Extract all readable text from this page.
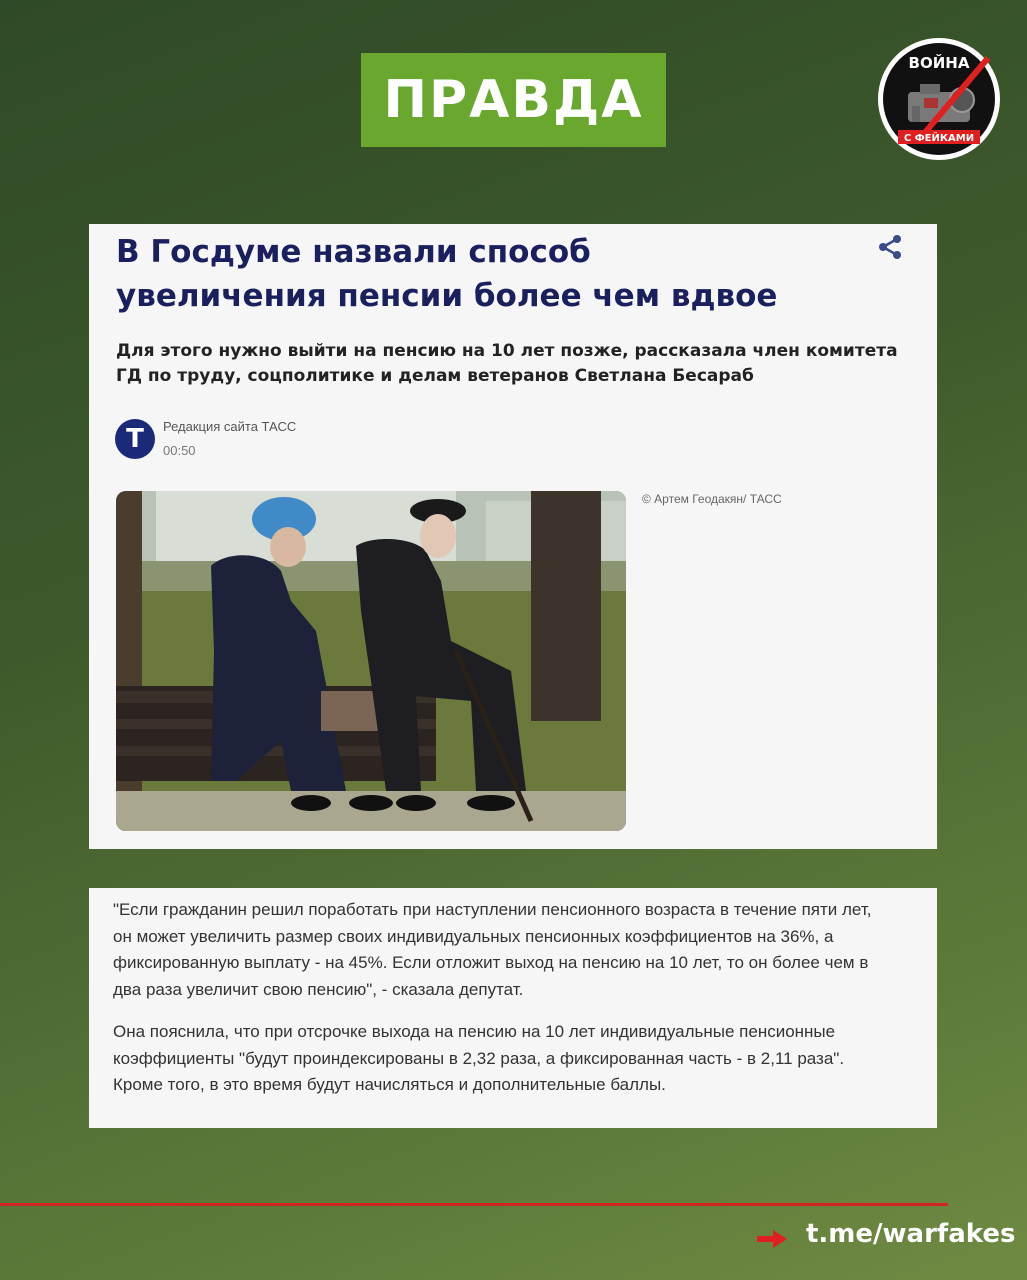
ПРАВДА
ВОЙНА
С ФЕЙКАМИ
В Госдуме назвали способ
увеличения пенсии более чем вдвое

Для этого нужно выйти на пенсию на 10 лет позже, рассказала член комитета ГД по труду, соцполитике и делам ветеранов Светлана Бесараб

Т	Редакция сайта ТАСС
00:50
© Артем Геодакян/ ТАСС

"Если гражданин решил поработать при наступлении пенсионного возраста в течение пяти лет, он может увеличить размер своих индивидуальных пенсионных коэффициентов на 36%, а фиксированную выплату - на 45%. Если отложит выход на пенсию на 10 лет, то он более чем в два раза увеличит свою пенсию", - сказала депутат.

Она пояснила, что при отсрочке выхода на пенсию на 10 лет индивидуальные пенсионные коэффициенты "будут проиндексированы в 2,32 раза, а фиксированная часть - в 2,11 раза". Кроме того, в это время будут начисляться и дополнительные баллы.

t.me/warfakes
